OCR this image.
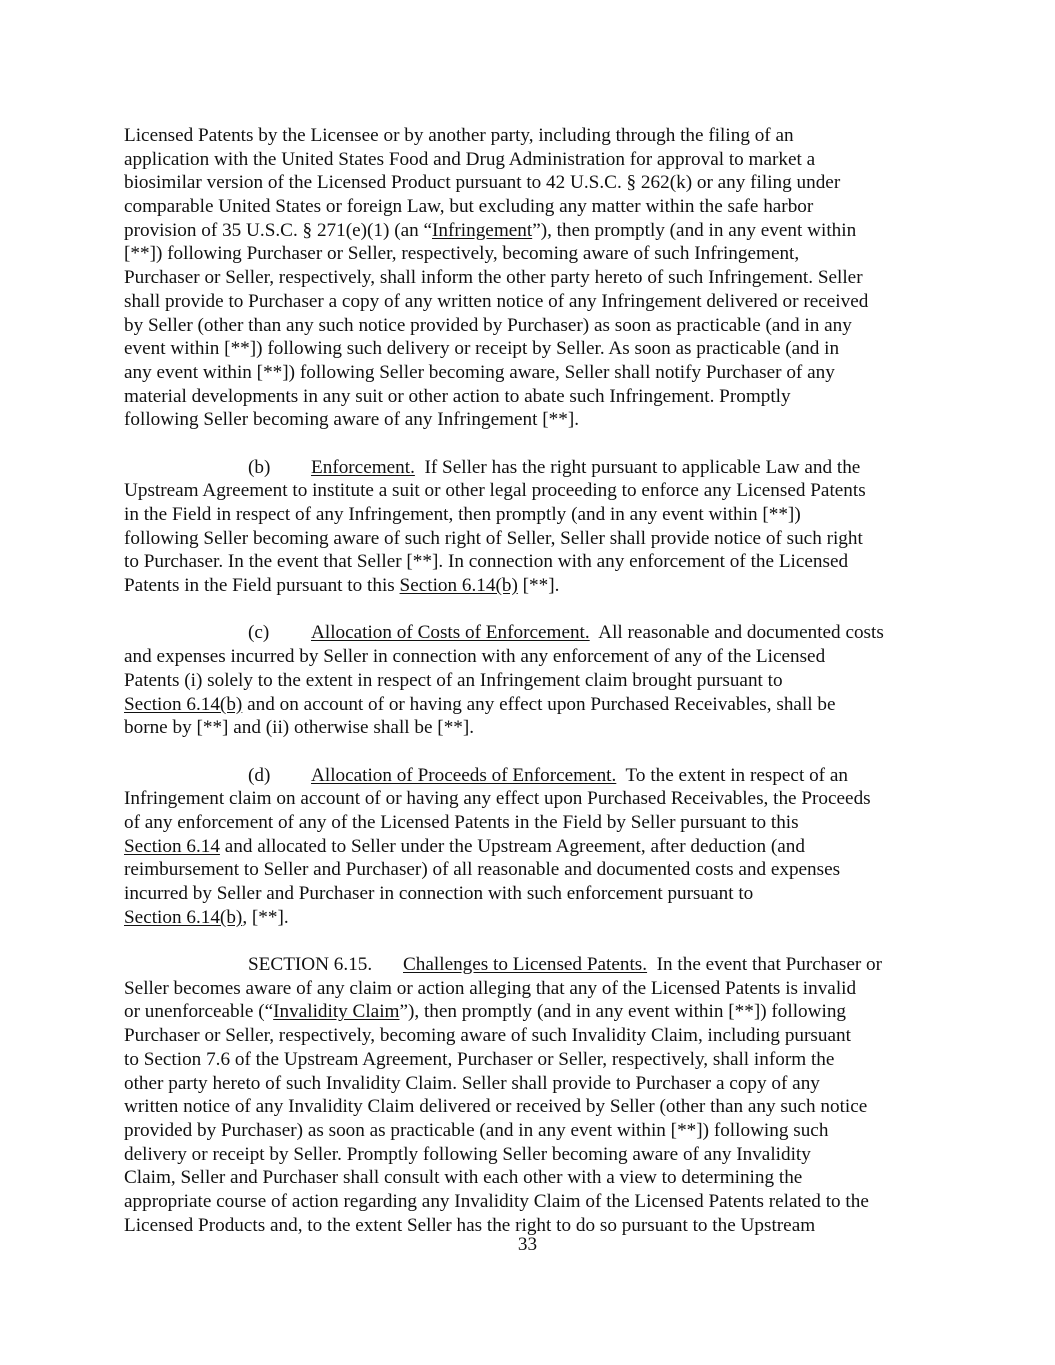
Licensed Patents by the Licensee or by another party, including through the filing of an
application with the United States Food and Drug Administration for approval to market a
biosimilar version of the Licensed Product pursuant to 42 U.S.C. § 262(k) or any filing under
comparable United States or foreign Law, but excluding any matter within the safe harbor
provision of 35 U.S.C. § 271(e)(1) (an “Infringement”), then promptly (and in any event within
[**]) following Purchaser or Seller, respectively, becoming aware of such Infringement,
Purchaser or Seller, respectively, shall inform the other party hereto of such Infringement. Seller
shall provide to Purchaser a copy of any written notice of any Infringement delivered or received
by Seller (other than any such notice provided by Purchaser) as soon as practicable (and in any
event within [**]) following such delivery or receipt by Seller. As soon as practicable (and in
any event within [**]) following Seller becoming aware, Seller shall notify Purchaser of any
material developments in any suit or other action to abate such Infringement. Promptly
following Seller becoming aware of any Infringement [**].
(b) Enforcement.  If Seller has the right pursuant to applicable Law and the
Upstream Agreement to institute a suit or other legal proceeding to enforce any Licensed Patents
in the Field in respect of any Infringement, then promptly (and in any event within [**])
following Seller becoming aware of such right of Seller, Seller shall provide notice of such right
to Purchaser. In the event that Seller [**]. In connection with any enforcement of the Licensed
Patents in the Field pursuant to this Section 6.14(b) [**].
(c) Allocation of Costs of Enforcement.  All reasonable and documented costs
and expenses incurred by Seller in connection with any enforcement of any of the Licensed
Patents (i) solely to the extent in respect of an Infringement claim brought pursuant to
Section 6.14(b) and on account of or having any effect upon Purchased Receivables, shall be
borne by [**] and (ii) otherwise shall be [**].
(d) Allocation of Proceeds of Enforcement.  To the extent in respect of an
Infringement claim on account of or having any effect upon Purchased Receivables, the Proceeds
of any enforcement of any of the Licensed Patents in the Field by Seller pursuant to this
Section 6.14 and allocated to Seller under the Upstream Agreement, after deduction (and
reimbursement to Seller and Purchaser) of all reasonable and documented costs and expenses
incurred by Seller and Purchaser in connection with such enforcement pursuant to
Section 6.14(b), [**].
SECTION 6.15. Challenges to Licensed Patents.  In the event that Purchaser or
Seller becomes aware of any claim or action alleging that any of the Licensed Patents is invalid
or unenforceable (“Invalidity Claim”), then promptly (and in any event within [**]) following
Purchaser or Seller, respectively, becoming aware of such Invalidity Claim, including pursuant
to Section 7.6 of the Upstream Agreement, Purchaser or Seller, respectively, shall inform the
other party hereto of such Invalidity Claim. Seller shall provide to Purchaser a copy of any
written notice of any Invalidity Claim delivered or received by Seller (other than any such notice
provided by Purchaser) as soon as practicable (and in any event within [**]) following such
delivery or receipt by Seller. Promptly following Seller becoming aware of any Invalidity
Claim, Seller and Purchaser shall consult with each other with a view to determining the
appropriate course of action regarding any Invalidity Claim of the Licensed Patents related to the
Licensed Products and, to the extent Seller has the right to do so pursuant to the Upstream
33
